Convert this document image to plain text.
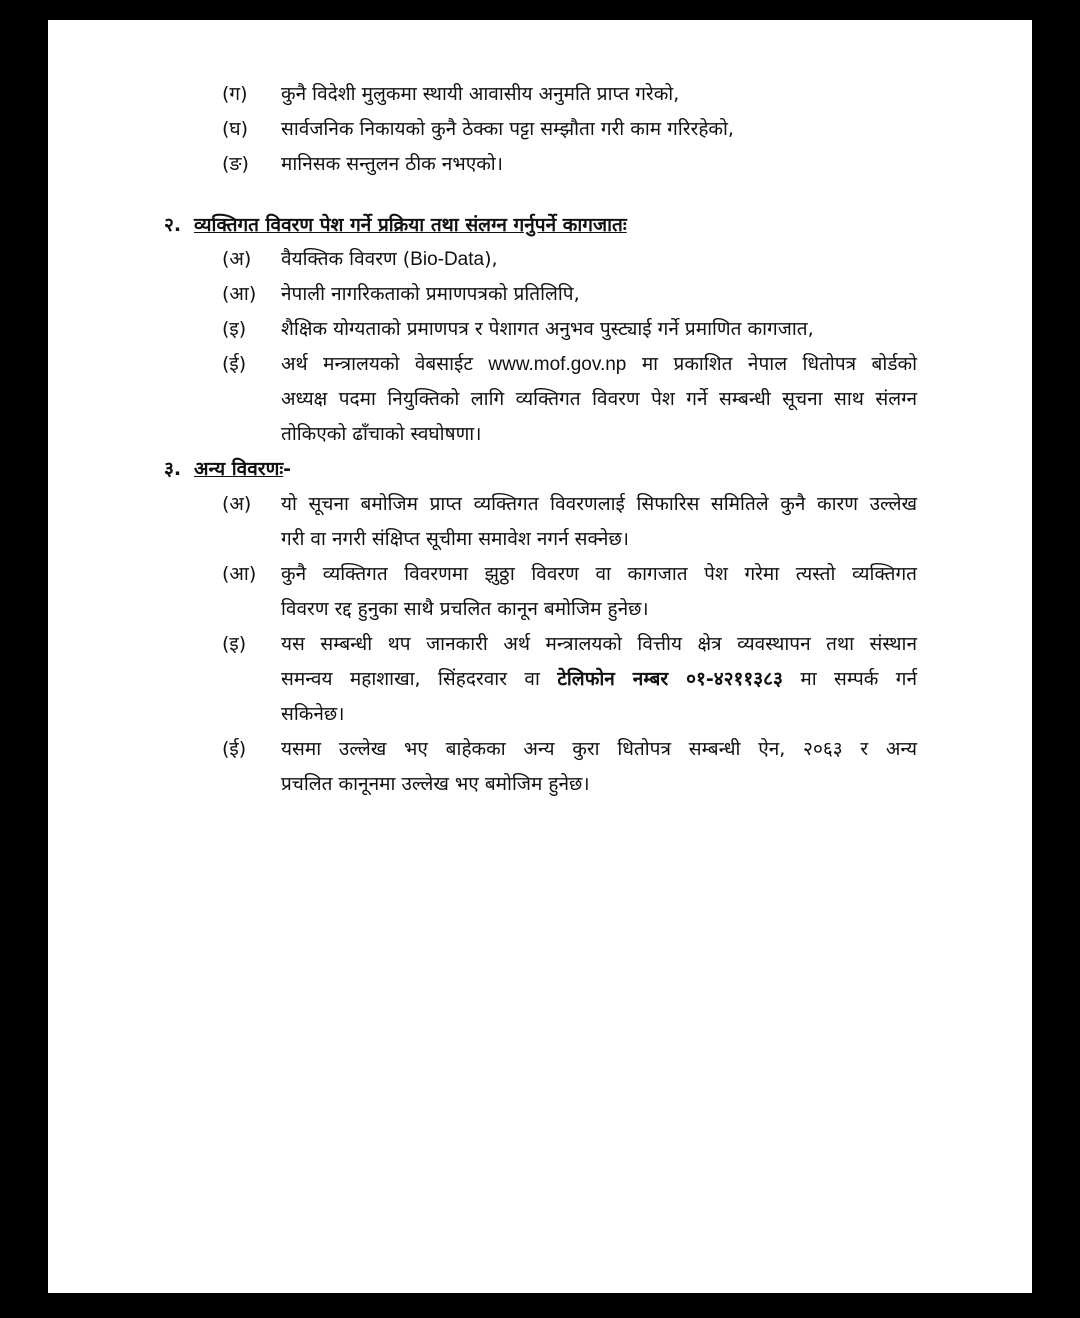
(ग) कुनै विदेशी मुलुकमा स्थायी आवासीय अनुमति प्राप्त गरेको,
(घ) सार्वजनिक निकायको कुनै ठेक्का पट्टा सम्झौता गरी काम गरिरहेको,
(ङ) मानिसक सन्तुलन ठीक नभएको।
२. व्यक्तिगत विवरण पेश गर्ने प्रक्रिया तथा संलग्न गर्नुपर्ने कागजातः
(अ) वैयक्तिक विवरण (Bio-Data),
(आ) नेपाली नागरिकताको प्रमाणपत्रको प्रतिलिपि,
(इ) शैक्षिक योग्यताको प्रमाणपत्र र पेशागत अनुभव पुस्ट्याई गर्ने प्रमाणित कागजात,
(ई) अर्थ मन्त्रालयको वेबसाईट www.mof.gov.np मा प्रकाशित नेपाल धितोपत्र बोर्डको
अध्यक्ष पदमा नियुक्तिको लागि व्यक्तिगत विवरण पेश गर्ने सम्बन्धी सूचना साथ संलग्न
तोकिएको ढाँचाको स्वघोषणा।
३. अन्य विवरणः-
(अ) यो सूचना बमोजिम प्राप्त व्यक्तिगत विवरणलाई सिफारिस समितिले कुनै कारण उल्लेख
गरी वा नगरी संक्षिप्त सूचीमा समावेश नगर्न सक्नेछ।
(आ) कुनै व्यक्तिगत विवरणमा झुठ्ठा विवरण वा कागजात पेश गरेमा त्यस्तो व्यक्तिगत
विवरण रद्द हुनुका साथै प्रचलित कानून बमोजिम हुनेछ।
(इ) यस सम्बन्धी थप जानकारी अर्थ मन्त्रालयको वित्तीय क्षेत्र व्यवस्थापन तथा संस्थान
समन्वय महाशाखा, सिंहदरवार वा टेलिफोन नम्बर ०१-४२११३८३ मा सम्पर्क गर्न
सकिनेछ।
(ई) यसमा उल्लेख भए बाहेकका अन्य कुरा धितोपत्र सम्बन्धी ऐन, २०६३ र अन्य
प्रचलित कानूनमा उल्लेख भए बमोजिम हुनेछ।
